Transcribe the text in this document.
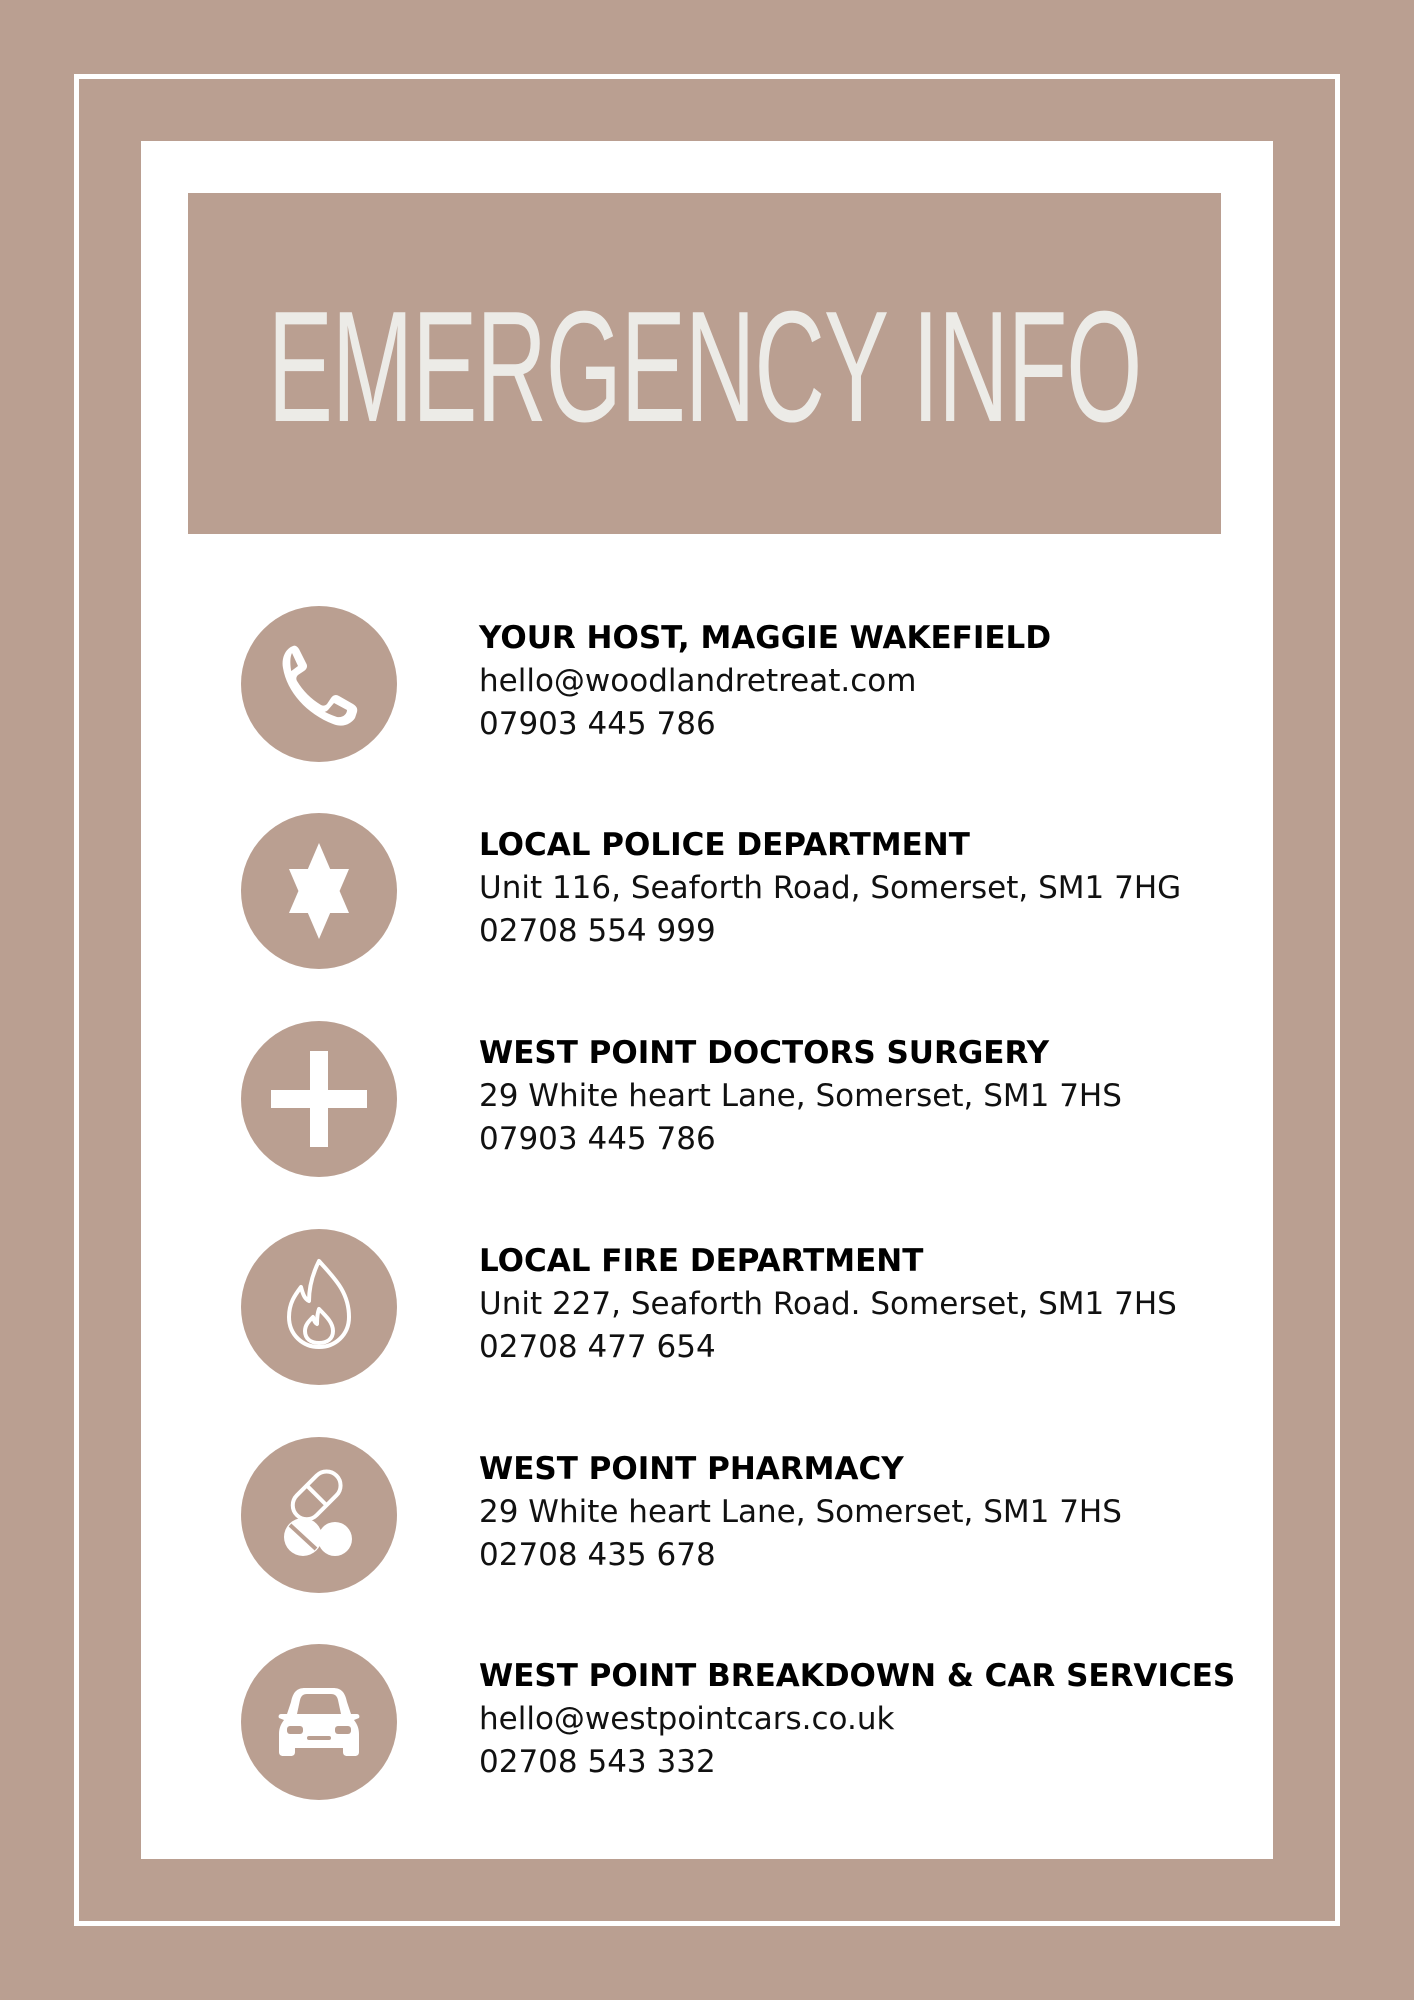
EMERGENCY INFO
YOUR HOST, MAGGIE WAKEFIELD
hello@woodlandretreat.com
07903 445 786
LOCAL POLICE DEPARTMENT
Unit 116, Seaforth Road, Somerset, SM1 7HG
02708 554 999
WEST POINT DOCTORS SURGERY
29 White heart Lane, Somerset, SM1 7HS
07903 445 786
LOCAL FIRE DEPARTMENT
Unit 227, Seaforth Road. Somerset, SM1 7HS
02708 477 654
WEST POINT PHARMACY
29 White heart Lane, Somerset, SM1 7HS
02708 435 678
WEST POINT BREAKDOWN & CAR SERVICES
hello@westpointcars.co.uk
02708 543 332
